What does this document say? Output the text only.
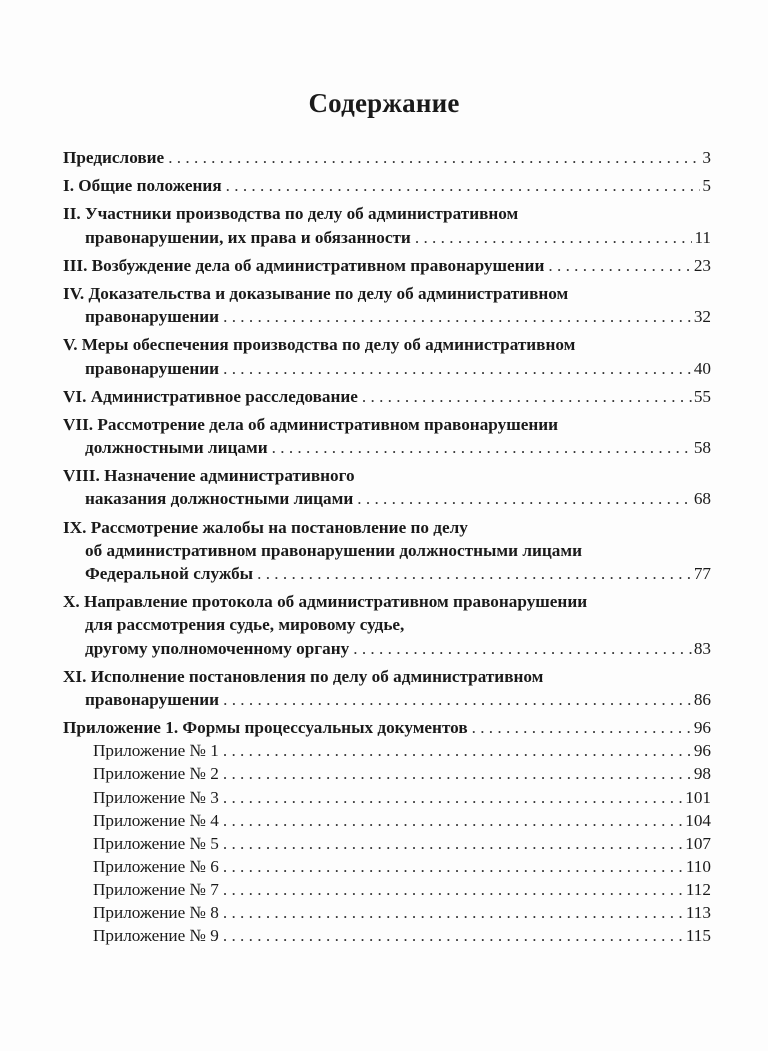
Содержание
Предисловие . . .	3
I. Общие положения . . .	5
II. Участники производства по делу об административном
правонарушении, их права и обязанности . . .	11
III. Возбуждение дела об административном правонарушении . . .	23
IV. Доказательства и доказывание по делу об административном
правонарушении . . .	32
V. Меры обеспечения производства по делу об административном
правонарушении . . .	40
VI. Административное расследование . . .	55
VII. Рассмотрение дела об административном правонарушении
должностными лицами . . .	58
VIII. Назначение административного
наказания должностными лицами . . .	68
IX. Рассмотрение жалобы на постановление по делу
об административном правонарушении должностными лицами
Федеральной службы . . .	77
X. Направление протокола об административном правонарушении
для рассмотрения судье, мировому судье,
другому уполномоченному органу . . .	83
XI. Исполнение постановления по делу об административном
правонарушении . . .	86
Приложение 1. Формы процессуальных документов . . .	96
Приложение № 1 . . .	96
Приложение № 2 . . .	98
Приложение № 3 . . .	101
Приложение № 4 . . .	104
Приложение № 5 . . .	107
Приложение № 6 . . .	110
Приложение № 7 . . .	112
Приложение № 8 . . .	113
Приложение № 9 . . .	115
